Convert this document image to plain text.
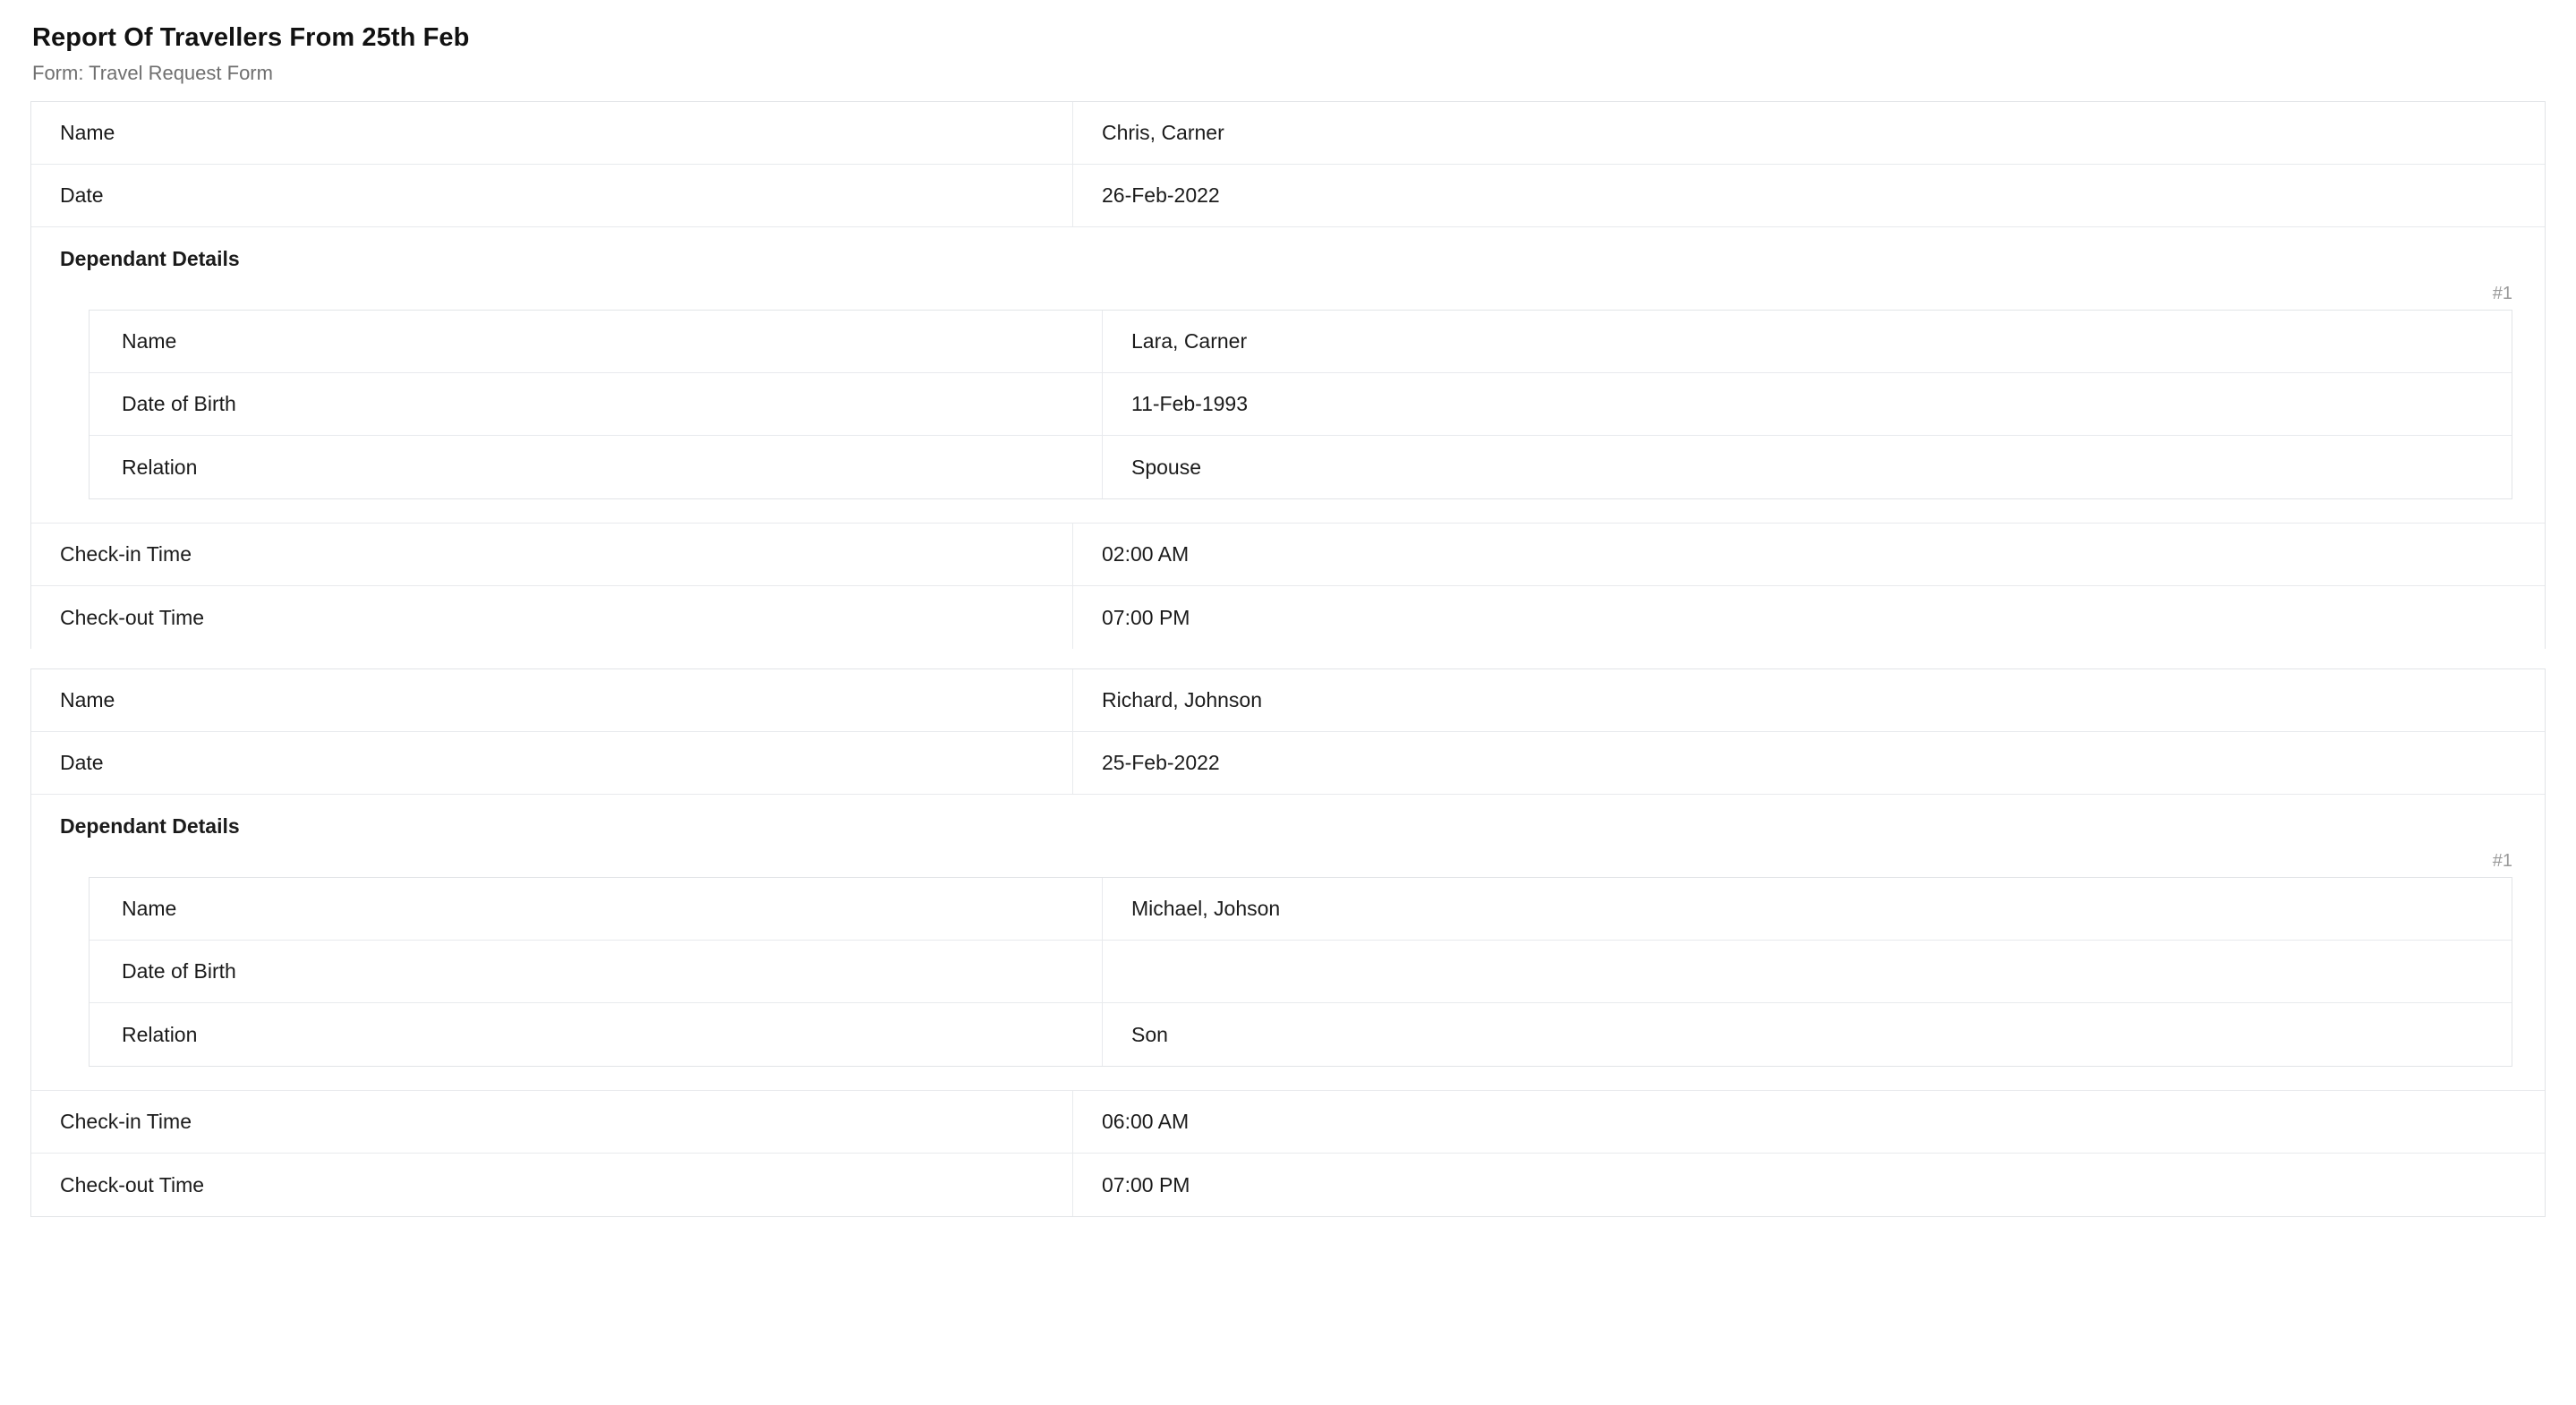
Report Of Travellers From 25th Feb
Form: Travel Request Form
Name	Chris, Carner
Date	26-Feb-2022
Dependant Details
#1
Name	Lara, Carner
Date of Birth	11-Feb-1993
Relation	Spouse
Check-in Time	02:00 AM
Check-out Time	07:00 PM
Name	Richard, Johnson
Date	25-Feb-2022
Dependant Details
#1
Name	Michael, Johson
Date of Birth
Relation	Son
Check-in Time	06:00 AM
Check-out Time	07:00 PM
